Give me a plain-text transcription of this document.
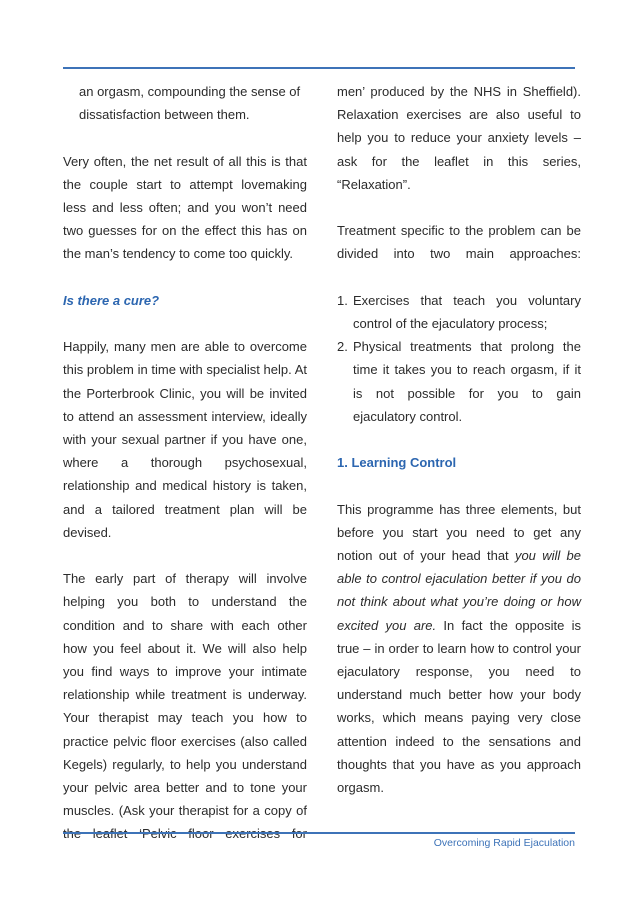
an orgasm, compounding the sense of dissatisfaction between them.

Very often, the net result of all this is that the couple start to attempt lovemaking less and less often; and you won’t need two guesses for on the effect this has on the man’s tendency to come too quickly.

Is there a cure?

Happily, many men are able to overcome this problem in time with specialist help. At the Porterbrook Clinic, you will be invited to attend an assessment interview, ideally with your sexual partner if you have one, where a thorough psychosexual, relationship and medical history is taken, and a tailored treatment plan will be devised.

The early part of therapy will involve helping you both to understand the condition and to share with each other how you feel about it. We will also help you find ways to improve your intimate relationship while treatment is underway. Your therapist may teach you how to practice pelvic floor exercises (also called Kegels) regularly, to help you understand your pelvic area better and to tone your muscles. (Ask your therapist for a copy of

men’ produced by the NHS in Sheffield). Relaxation exercises are also useful to help you to reduce your anxiety levels – ask for the leaflet in this series, “Relaxation”.

Treatment specific to the problem can be divided into two main approaches:

1. Exercises that teach you voluntary control of the ejaculatory process;
2. Physical treatments that prolong the time it takes you to reach orgasm, if it is not possible for you to gain ejaculatory control.

1. Learning Control

This programme has three elements, but before you start you need to get any notion out of your head that you will be able to control ejaculation better if you do not think about what you’re doing or how excited you are. In fact the opposite is true – in order to learn how to control your ejaculatory response, you need to understand much better how your body works, which means paying very close attention indeed to the sensations and thoughts that you have as you approach orgasm.

Overcoming Rapid Ejaculation
